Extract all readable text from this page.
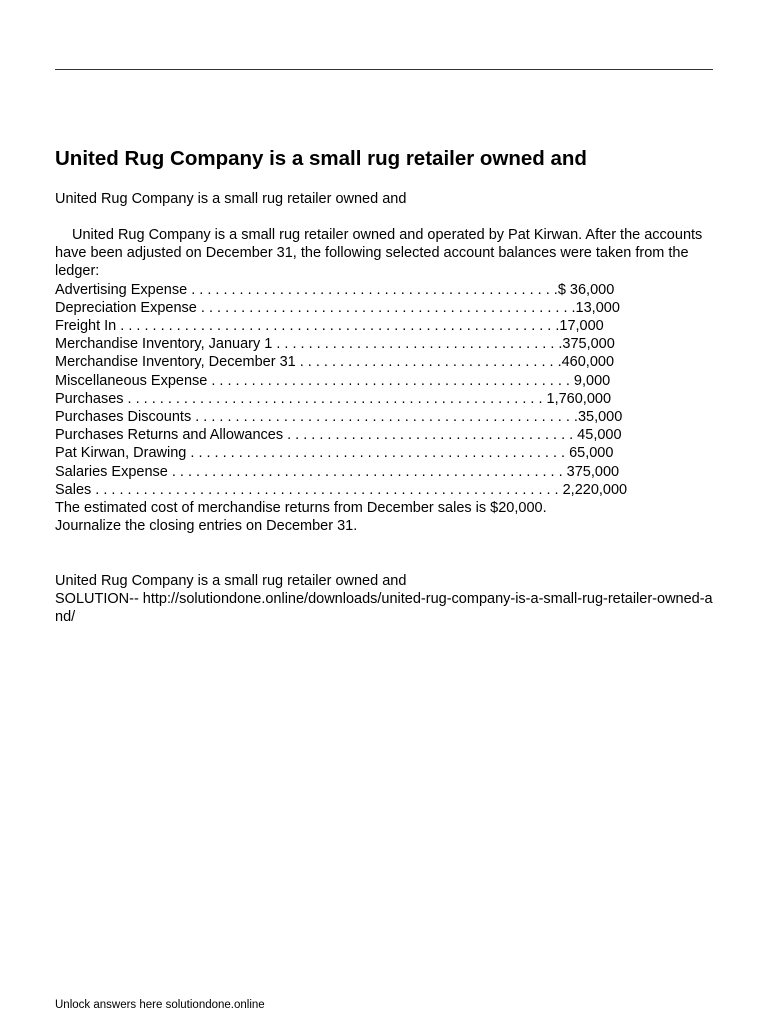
United Rug Company is a small rug retailer owned and
United Rug Company is a small rug retailer owned and
United Rug Company is a small rug retailer owned and operated by Pat Kirwan. After the accounts have been adjusted on December 31, the following selected account balances were taken from the ledger:
Advertising Expense . . . . . . . . . . . . . . . . . . . . . . . . . . . . . . . . . . . . . . . . . . . . . .$ 36,000
Depreciation Expense . . . . . . . . . . . . . . . . . . . . . . . . . . . . . . . . . . . . . . . . . . . . . . .13,000
Freight In . . . . . . . . . . . . . . . . . . . . . . . . . . . . . . . . . . . . . . . . . . . . . . . . . . . . . . .17,000
Merchandise Inventory, January 1 . . . . . . . . . . . . . . . . . . . . . . . . . . . . . . . . . . . .375,000
Merchandise Inventory, December 31 . . . . . . . . . . . . . . . . . . . . . . . . . . . . . . . . .460,000
Miscellaneous Expense . . . . . . . . . . . . . . . . . . . . . . . . . . . . . . . . . . . . . . . . . . . . . 9,000
Purchases . . . . . . . . . . . . . . . . . . . . . . . . . . . . . . . . . . . . . . . . . . . . . . . . . . . . 1,760,000
Purchases Discounts . . . . . . . . . . . . . . . . . . . . . . . . . . . . . . . . . . . . . . . . . . . . . . . .35,000
Purchases Returns and Allowances . . . . . . . . . . . . . . . . . . . . . . . . . . . . . . . . . . . . 45,000
Pat Kirwan, Drawing . . . . . . . . . . . . . . . . . . . . . . . . . . . . . . . . . . . . . . . . . . . . . . . 65,000
Salaries Expense . . . . . . . . . . . . . . . . . . . . . . . . . . . . . . . . . . . . . . . . . . . . . . . . . 375,000
Sales . . . . . . . . . . . . . . . . . . . . . . . . . . . . . . . . . . . . . . . . . . . . . . . . . . . . . . . . . . 2,220,000
The estimated cost of merchandise returns from December sales is $20,000.
Journalize the closing entries on December 31.
United Rug Company is a small rug retailer owned and
SOLUTION-- http://solutiondone.online/downloads/united-rug-company-is-a-small-rug-retailer-owned-and/
Unlock answers here solutiondone.online
